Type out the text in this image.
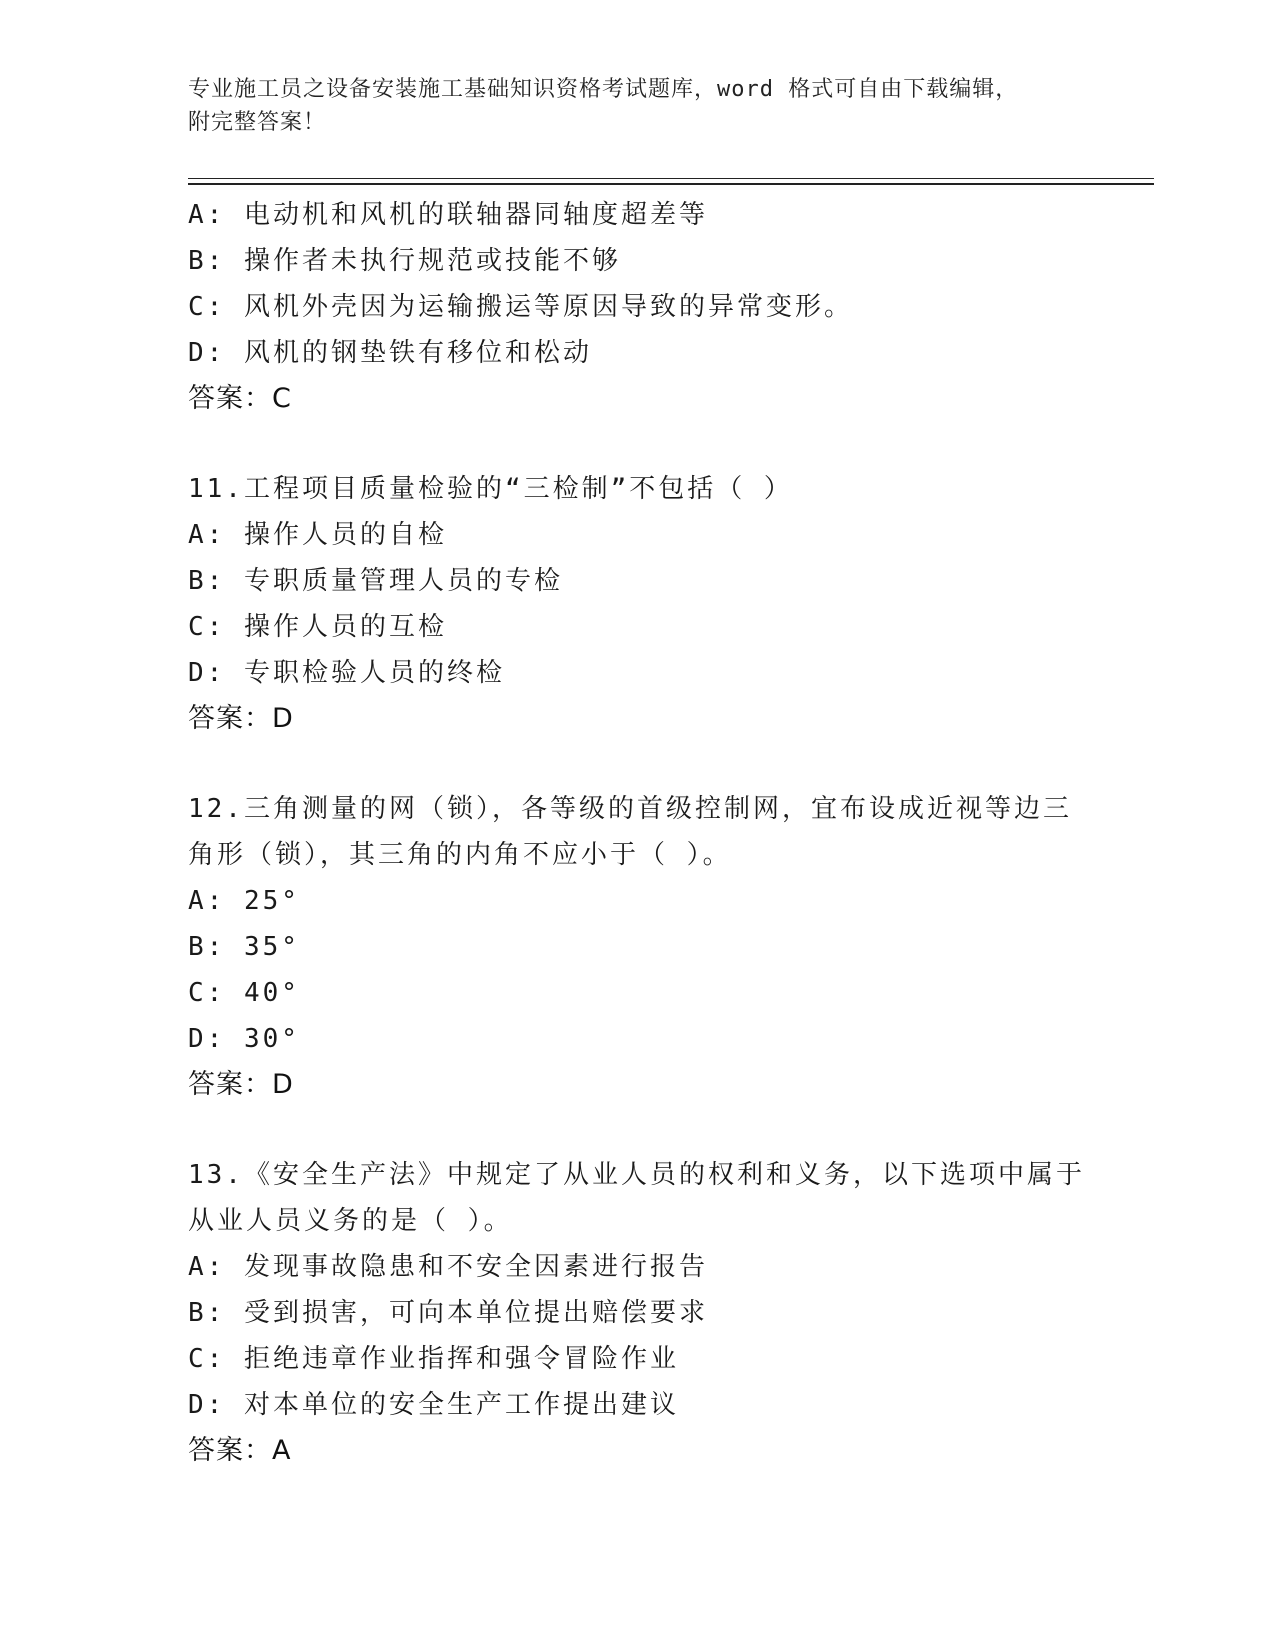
专业施工员之设备安装施工基础知识资格考试题库，word 格式可自由下载编辑，
附完整答案！
A: 电动机和风机的联轴器同轴度超差等
B: 操作者未执行规范或技能不够
C: 风机外壳因为运输搬运等原因导致的异常变形。
D: 风机的钢垫铁有移位和松动
答案：C
11.工程项目质量检验的“三检制”不包括（ ）
A: 操作人员的自检
B: 专职质量管理人员的专检
C: 操作人员的互检
D: 专职检验人员的终检
答案：D
12.三角测量的网（锁），各等级的首级控制网，宜布设成近视等边三
角形（锁），其三角的内角不应小于（ ）。
A: 25°
B: 35°
C: 40°
D: 30°
答案：D
13.《安全生产法》中规定了从业人员的权利和义务，以下选项中属于
从业人员义务的是（ ）。
A: 发现事故隐患和不安全因素进行报告
B: 受到损害，可向本单位提出赔偿要求
C: 拒绝违章作业指挥和强令冒险作业
D: 对本单位的安全生产工作提出建议
答案：A
